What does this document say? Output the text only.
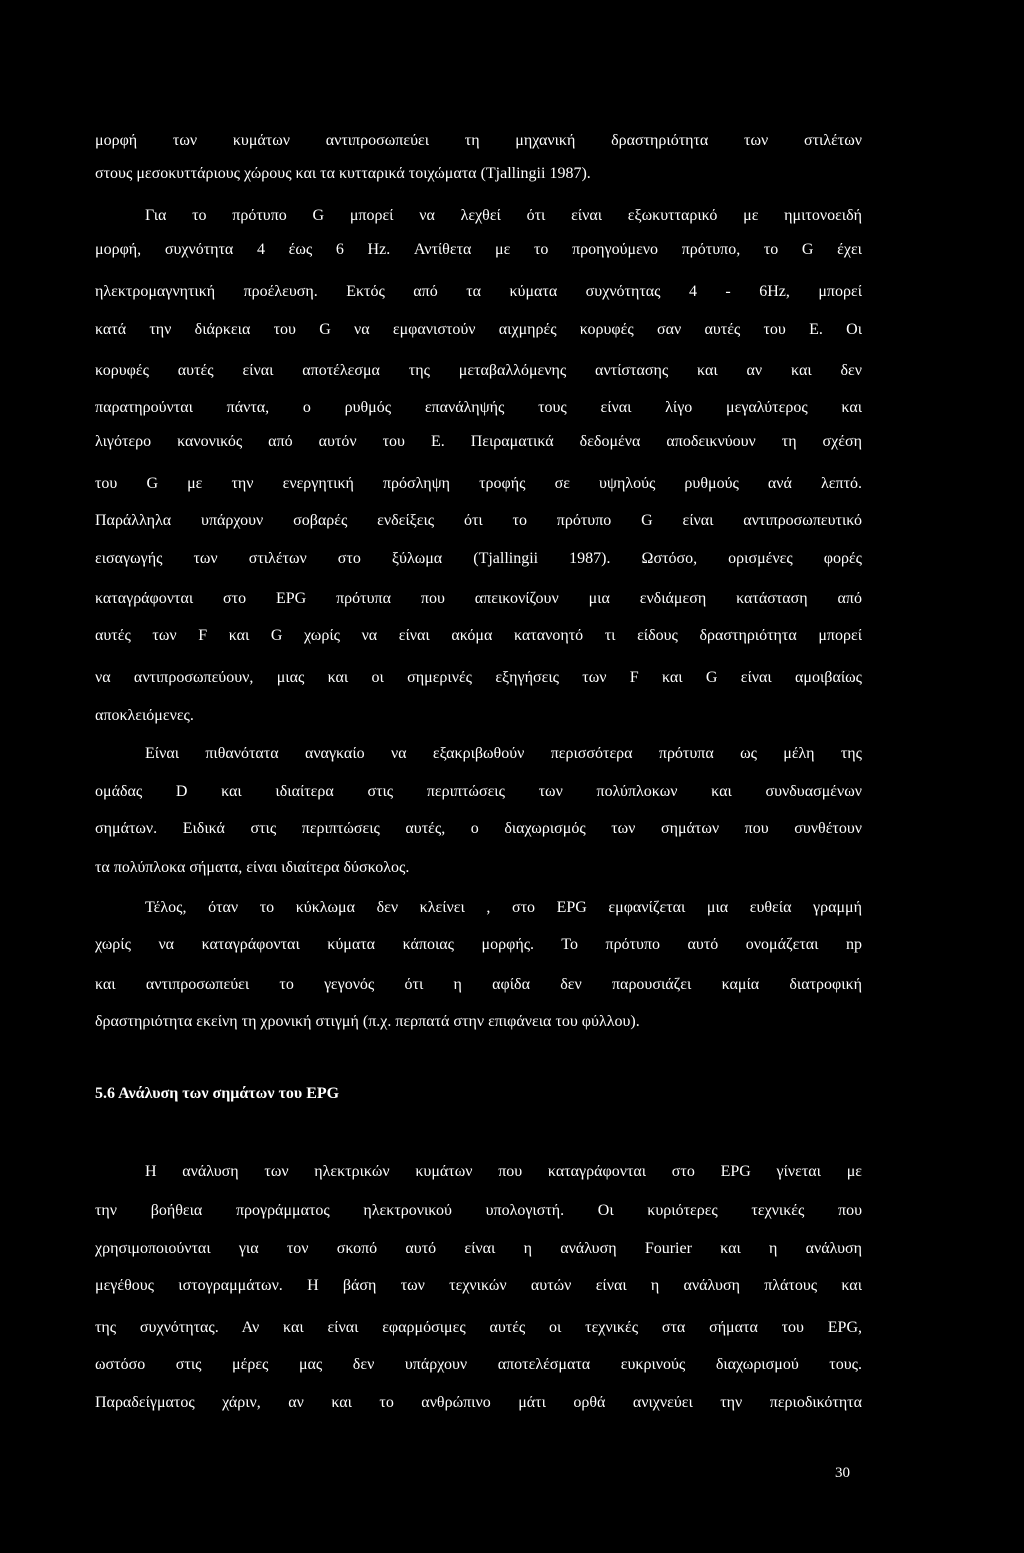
μορφή των κυμάτων αντιπροσωπεύει τη μηχανική δραστηριότητα των στιλέτων
στους μεσοκυττάριους χώρους και τα κυτταρικά τοιχώματα (Tjallingii 1987).
Για το πρότυπο G μπορεί να λεχθεί ότι είναι εξωκυτταρικό με ημιτονοειδή
μορφή, συχνότητα 4 έως 6 Hz. Αντίθετα με το προηγούμενο πρότυπο, το G έχει
ηλεκτρομαγνητική προέλευση. Εκτός από τα κύματα συχνότητας 4 - 6Hz, μπορεί
κατά την διάρκεια του G να εμφανιστούν αιχμηρές κορυφές σαν αυτές του E. Οι
κορυφές αυτές είναι αποτέλεσμα της μεταβαλλόμενης αντίστασης και αν και δεν
παρατηρούνται πάντα, ο ρυθμός επανάληψής τους είναι λίγο μεγαλύτερος και
λιγότερο κανονικός από αυτόν του E. Πειραματικά δεδομένα αποδεικνύουν τη σχέση
του G με την ενεργητική πρόσληψη τροφής σε υψηλούς ρυθμούς ανά λεπτό.
Παράλληλα υπάρχουν σοβαρές ενδείξεις ότι το πρότυπο G είναι αντιπροσωπευτικό
εισαγωγής των στιλέτων στο ξύλωμα (Tjallingii 1987). Ωστόσο, ορισμένες φορές
καταγράφονται στο EPG πρότυπα που απεικονίζουν μια ενδιάμεση κατάσταση από
αυτές των F και G χωρίς να είναι ακόμα κατανοητό τι είδους δραστηριότητα μπορεί
να αντιπροσωπεύουν, μιας και οι σημερινές εξηγήσεις των F και G είναι αμοιβαίως
αποκλειόμενες.
Είναι πιθανότατα αναγκαίο να εξακριβωθούν περισσότερα πρότυπα ως μέλη της
ομάδας D και ιδιαίτερα στις περιπτώσεις των πολύπλοκων και συνδυασμένων
σημάτων. Ειδικά στις περιπτώσεις αυτές, ο διαχωρισμός των σημάτων που συνθέτουν
τα πολύπλοκα σήματα, είναι ιδιαίτερα δύσκολος.
Τέλος, όταν το κύκλωμα δεν κλείνει , στο EPG εμφανίζεται μια ευθεία γραμμή
χωρίς να καταγράφονται κύματα κάποιας μορφής. Το πρότυπο αυτό ονομάζεται np
και αντιπροσωπεύει το γεγονός ότι η αφίδα δεν παρουσιάζει καμία διατροφική
δραστηριότητα εκείνη τη χρονική στιγμή (π.χ. περπατά στην επιφάνεια του φύλλου).
5.6 Ανάλυση των σημάτων του EPG
Η ανάλυση των ηλεκτρικών κυμάτων που καταγράφονται στο EPG γίνεται με
την βοήθεια προγράμματος ηλεκτρονικού υπολογιστή. Οι κυριότερες τεχνικές που
χρησιμοποιούνται για τον σκοπό αυτό είναι η ανάλυση Fourier και η ανάλυση
μεγέθους ιστογραμμάτων. Η βάση των τεχνικών αυτών είναι η ανάλυση πλάτους και
της συχνότητας. Αν και είναι εφαρμόσιμες αυτές οι τεχνικές στα σήματα του EPG,
ωστόσο στις μέρες μας δεν υπάρχουν αποτελέσματα ευκρινούς διαχωρισμού τους.
Παραδείγματος χάριν, αν και το ανθρώπινο μάτι ορθά ανιχνεύει την περιοδικότητα
30
